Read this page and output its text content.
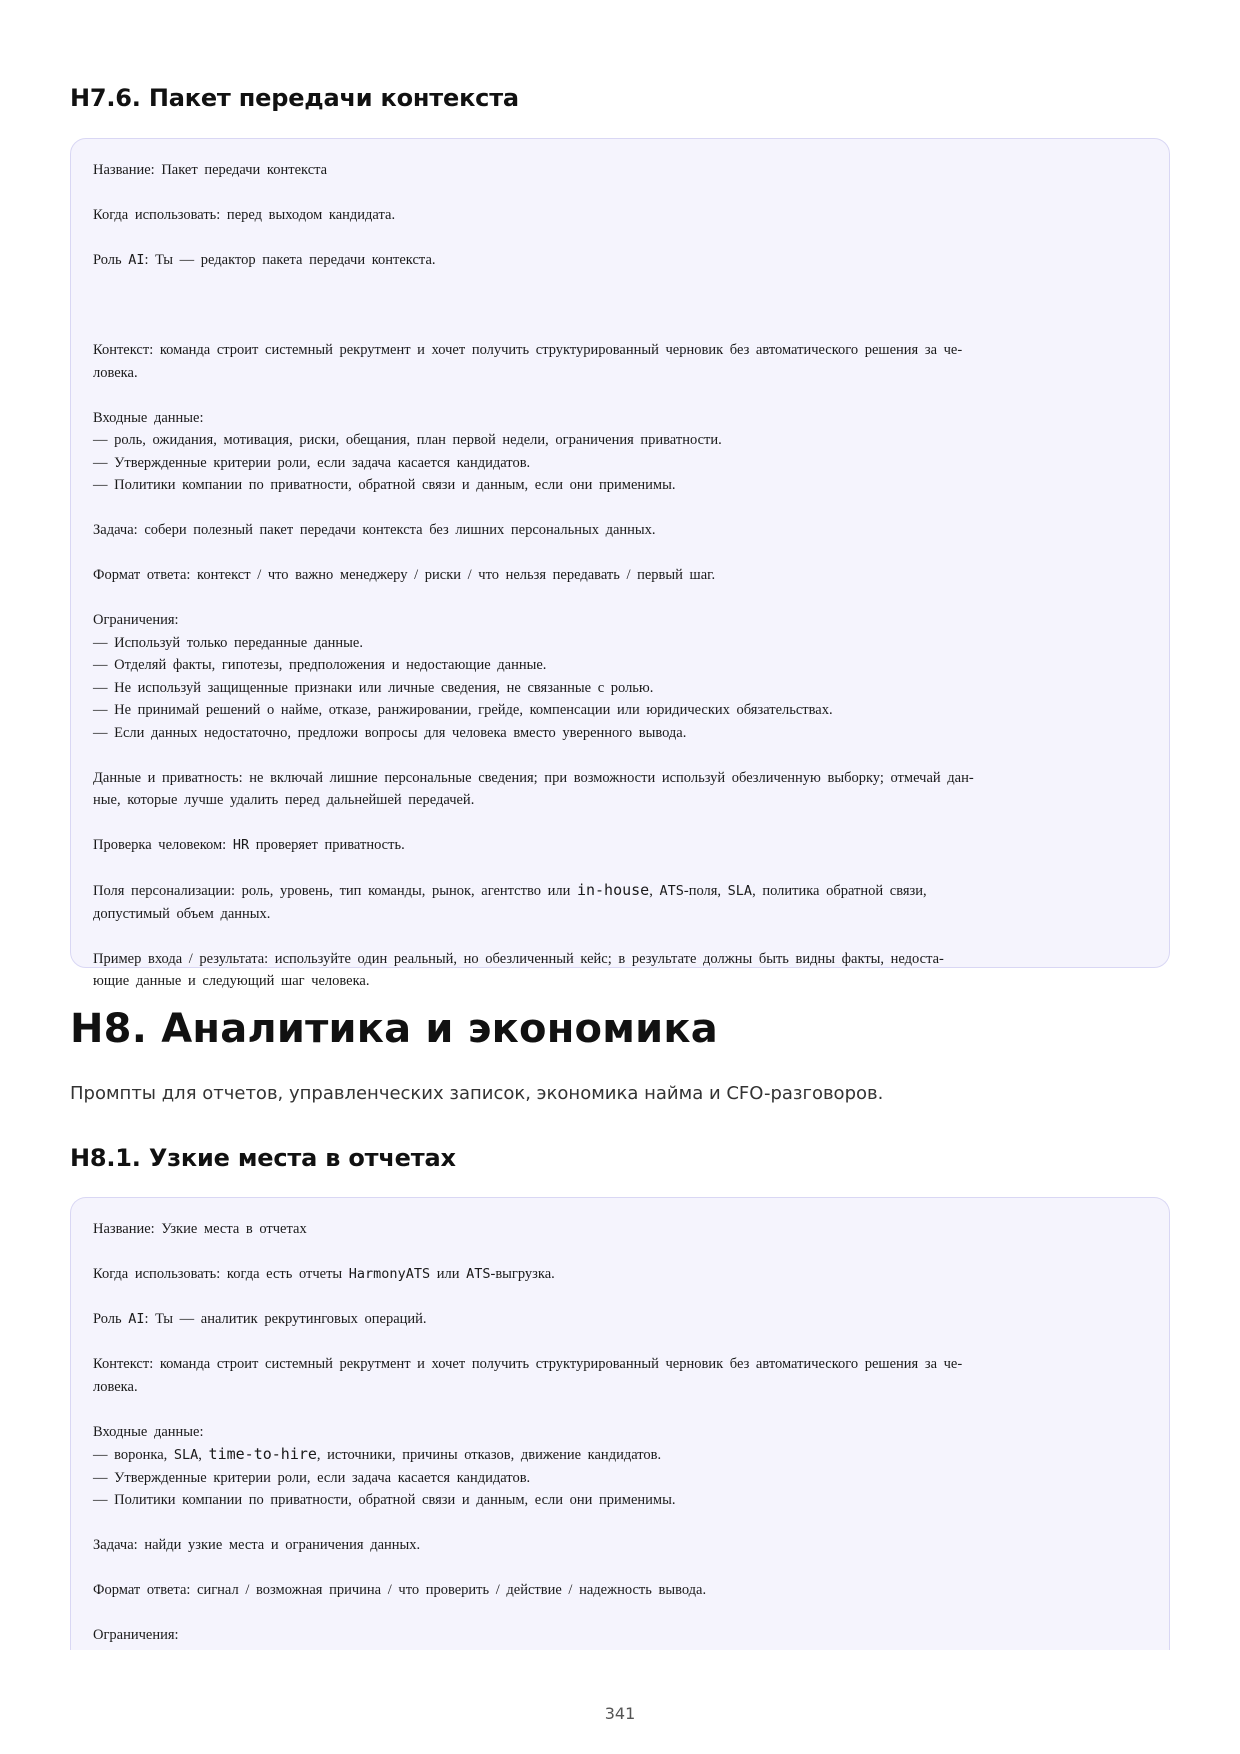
H7.6. Пакет передачи контекста

Название: Пакет передачи контекста

Когда использовать: перед выходом кандидата.

Роль AI: Ты — редактор пакета передачи контекста.

Контекст: команда строит системный рекрутмент и хочет получить структурированный черновик без автоматического решения за че-
ловека.

Входные данные:
— роль, ожидания, мотивация, риски, обещания, план первой недели, ограничения приватности.
— Утвержденные критерии роли, если задача касается кандидатов.
— Политики компании по приватности, обратной связи и данным, если они применимы.

Задача: собери полезный пакет передачи контекста без лишних персональных данных.

Формат ответа: контекст / что важно менеджеру / риски / что нельзя передавать / первый шаг.

Ограничения:
— Используй только переданные данные.
— Отделяй факты, гипотезы, предположения и недостающие данные.
— Не используй защищенные признаки или личные сведения, не связанные с ролью.
— Не принимай решений о найме, отказе, ранжировании, грейде, компенсации или юридических обязательствах.
— Если данных недостаточно, предложи вопросы для человека вместо уверенного вывода.

Данные и приватность: не включай лишние персональные сведения; при возможности используй обезличенную выборку; отмечай дан-
ные, которые лучше удалить перед дальнейшей передачей.

Проверка человеком: HR проверяет приватность.

Поля персонализации: роль, уровень, тип команды, рынок, агентство или in-house, ATS-поля, SLA, политика обратной связи,
допустимый объем данных.

Пример входа / результата: используйте один реальный, но обезличенный кейс; в результате должны быть видны факты, недоста-
ющие данные и следующий шаг человека.

H8. Аналитика и экономика

Промпты для отчетов, управленческих записок, экономика найма и CFO-разговоров.

H8.1. Узкие места в отчетах

Название: Узкие места в отчетах

Когда использовать: когда есть отчеты HarmonyATS или ATS-выгрузка.

Роль AI: Ты — аналитик рекрутинговых операций.

Контекст: команда строит системный рекрутмент и хочет получить структурированный черновик без автоматического решения за че-
ловека.

Входные данные:
— воронка, SLA, time-to-hire, источники, причины отказов, движение кандидатов.
— Утвержденные критерии роли, если задача касается кандидатов.
— Политики компании по приватности, обратной связи и данным, если они применимы.

Задача: найди узкие места и ограничения данных.

Формат ответа: сигнал / возможная причина / что проверить / действие / надежность вывода.

Ограничения:

341
